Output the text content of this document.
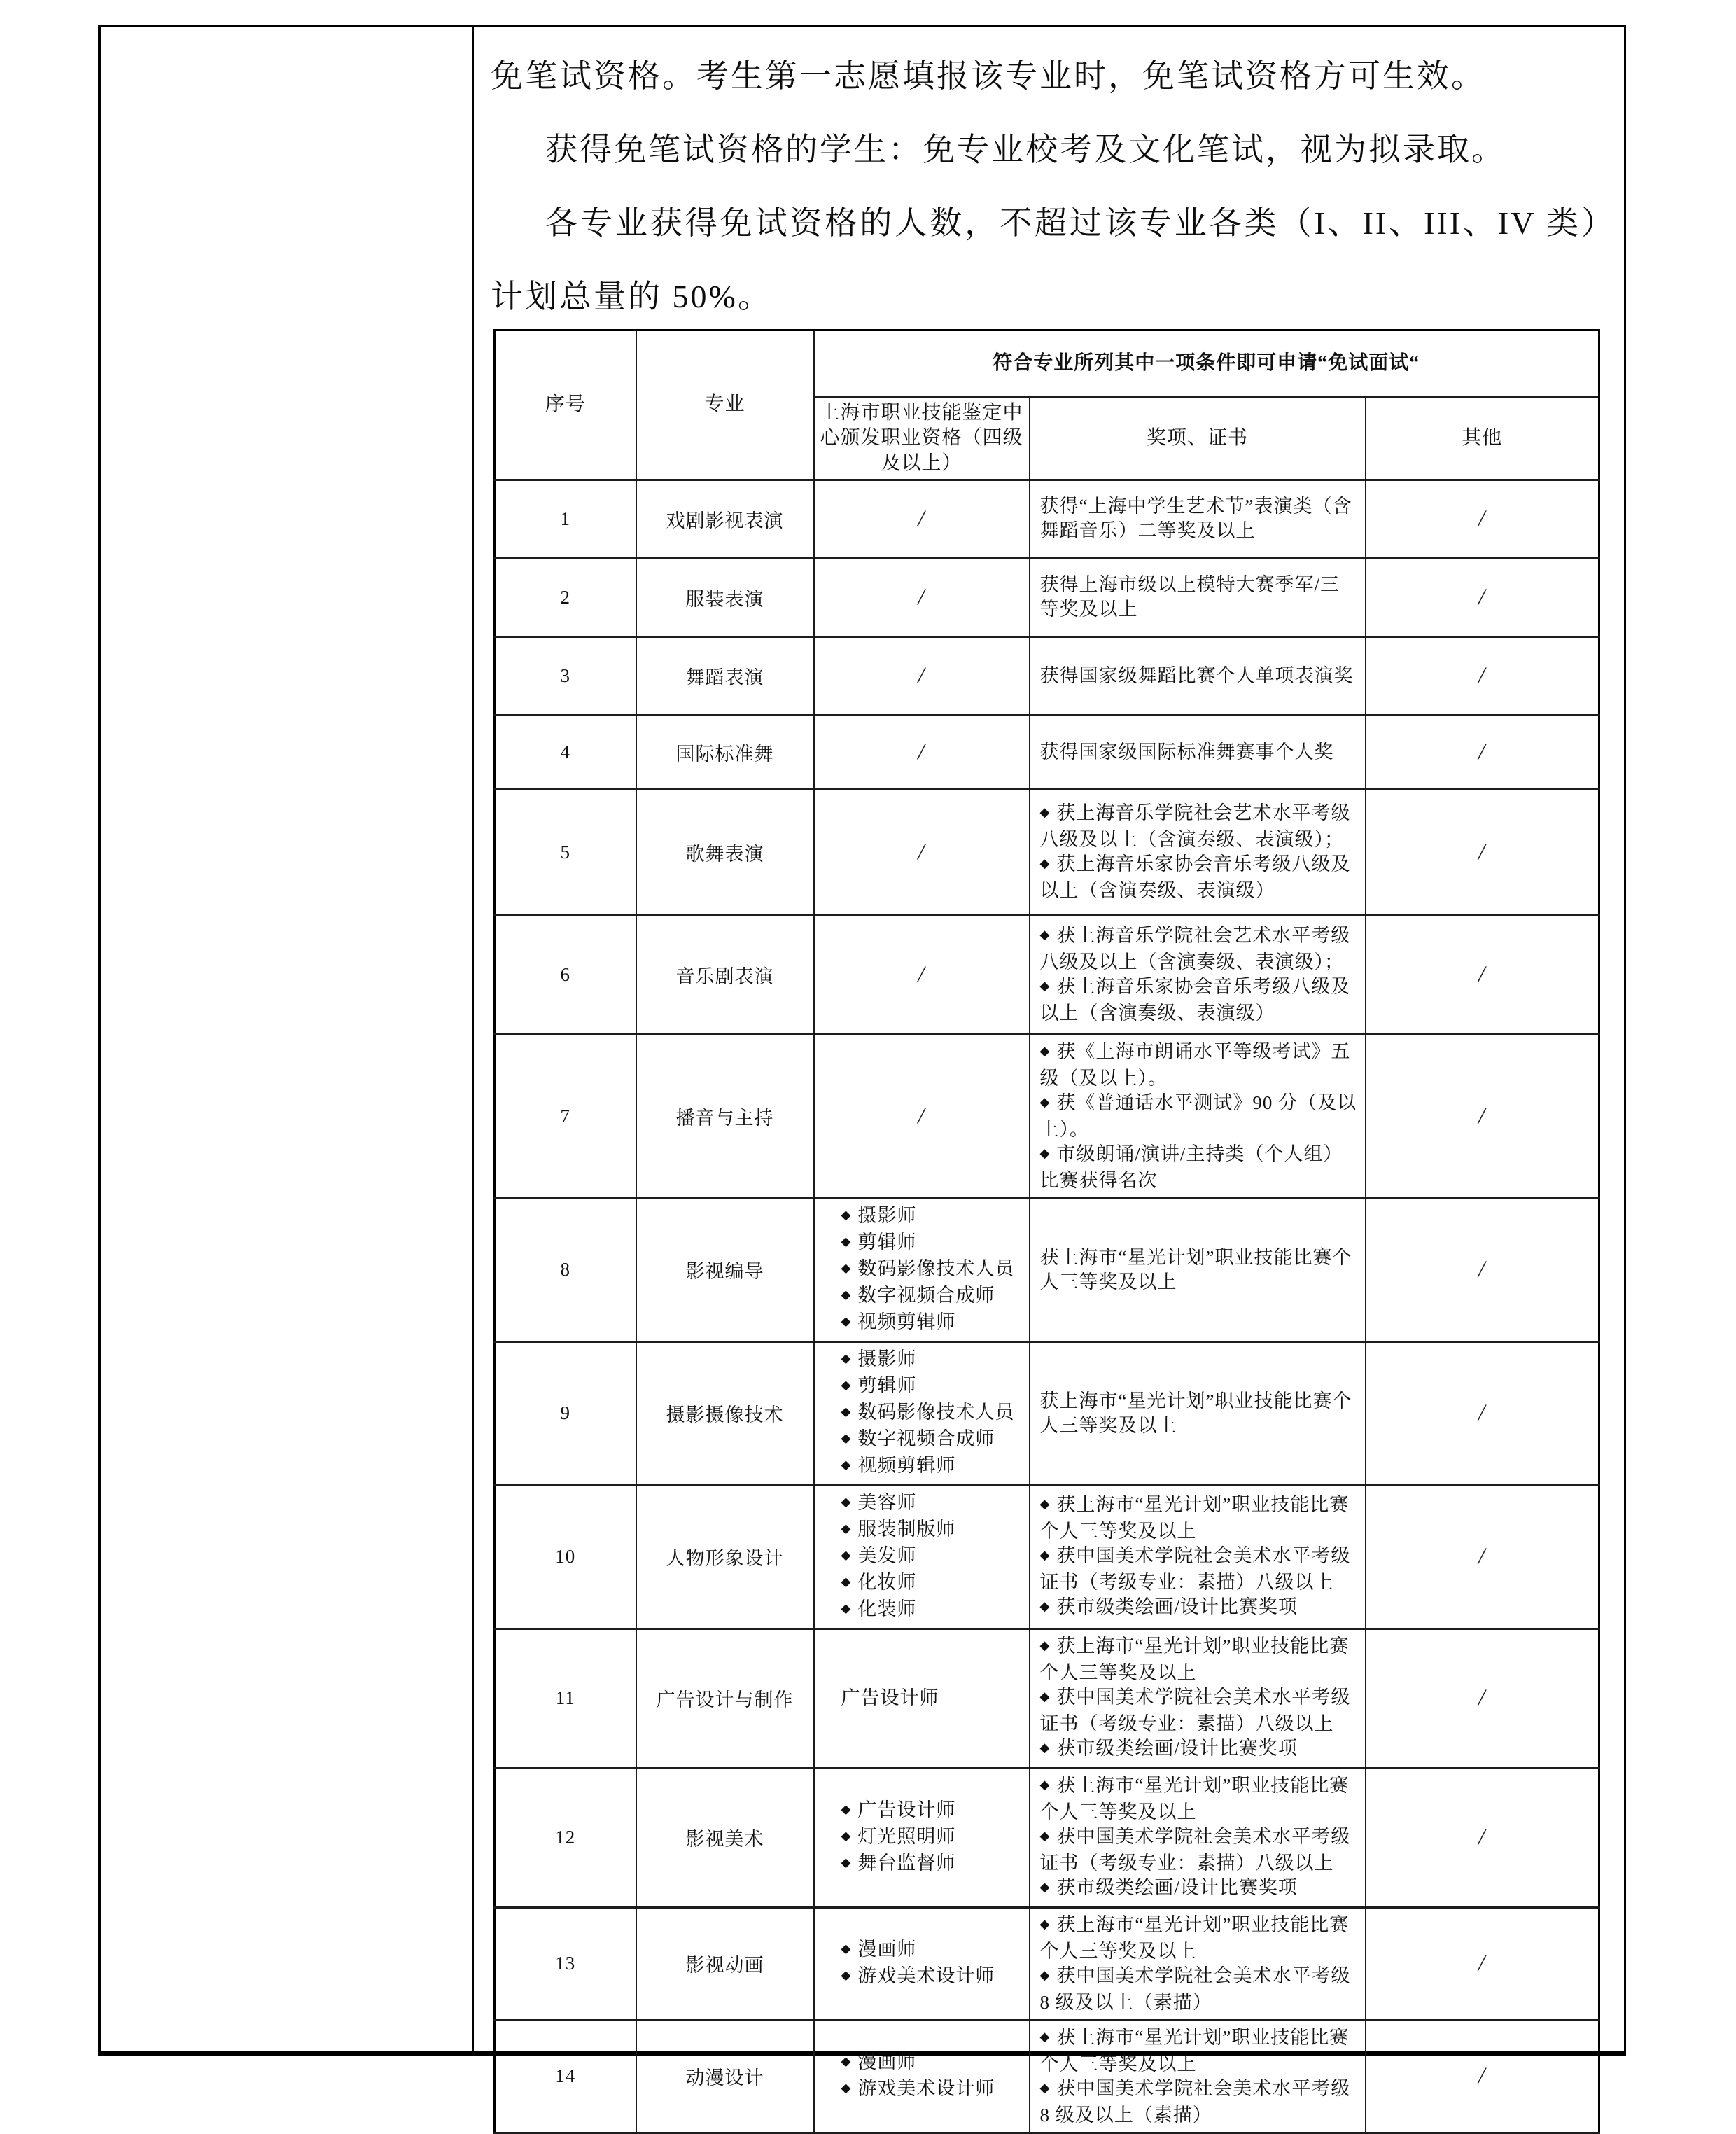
免笔试资格。考生第一志愿填报该专业时，免笔试资格方可生效。
获得免笔试资格的学生：免专业校考及文化笔试，视为拟录取。
各专业获得免试资格的人数，不超过该专业各类（I、II、III、IV 类）
计划总量的 50%。
序号	专业	符合专业所列其中一项条件即可申请“免试面试“		
		上海市职业技能鉴定中心颁发职业资格（四级及以上）	奖项、证书	其他
1	戏剧影视表演	/	获得“上海中学生艺术节”表演类（含舞蹈音乐）二等奖及以上	/
2	服装表演	/	获得上海市级以上模特大赛季军/三等奖及以上	/
3	舞蹈表演	/	获得国家级舞蹈比赛个人单项表演奖	/
4	国际标准舞	/	获得国家级国际标准舞赛事个人奖	/
5	歌舞表演	/	◆ 获上海音乐学院社会艺术水平考级八级及以上（含演奏级、表演级）；
◆ 获上海音乐家协会音乐考级八级及以上（含演奏级、表演级）	/
6	音乐剧表演	/	◆ 获上海音乐学院社会艺术水平考级八级及以上（含演奏级、表演级）；
◆ 获上海音乐家协会音乐考级八级及以上（含演奏级、表演级）	/
7	播音与主持	/	◆ 获《上海市朗诵水平等级考试》五级（及以上）。
◆ 获《普通话水平测试》90 分（及以上）。
◆ 市级朗诵/演讲/主持类（个人组）比赛获得名次	/
8	影视编导	◆ 摄影师
◆ 剪辑师
◆ 数码影像技术人员
◆ 数字视频合成师
◆ 视频剪辑师	获上海市“星光计划”职业技能比赛个人三等奖及以上	/
9	摄影摄像技术	◆ 摄影师
◆ 剪辑师
◆ 数码影像技术人员
◆ 数字视频合成师
◆ 视频剪辑师	获上海市“星光计划”职业技能比赛个人三等奖及以上	/
10	人物形象设计	◆ 美容师
◆ 服装制版师
◆ 美发师
◆ 化妆师
◆ 化装师	◆ 获上海市“星光计划”职业技能比赛个人三等奖及以上
◆ 获中国美术学院社会美术水平考级证书（考级专业：素描）八级以上
◆ 获市级类绘画/设计比赛奖项	/
11	广告设计与制作	广告设计师	◆ 获上海市“星光计划”职业技能比赛个人三等奖及以上
◆ 获中国美术学院社会美术水平考级证书（考级专业：素描）八级以上
◆ 获市级类绘画/设计比赛奖项	/
12	影视美术	◆ 广告设计师
◆ 灯光照明师
◆ 舞台监督师	◆ 获上海市“星光计划”职业技能比赛个人三等奖及以上
◆ 获中国美术学院社会美术水平考级证书（考级专业：素描）八级以上
◆ 获市级类绘画/设计比赛奖项	/
13	影视动画	◆ 漫画师
◆ 游戏美术设计师	◆ 获上海市“星光计划”职业技能比赛个人三等奖及以上
◆ 获中国美术学院社会美术水平考级 8 级及以上（素描）	/
14	动漫设计	◆ 漫画师
◆ 游戏美术设计师	◆ 获上海市“星光计划”职业技能比赛个人三等奖及以上
◆ 获中国美术学院社会美术水平考级 8 级及以上（素描）	/
